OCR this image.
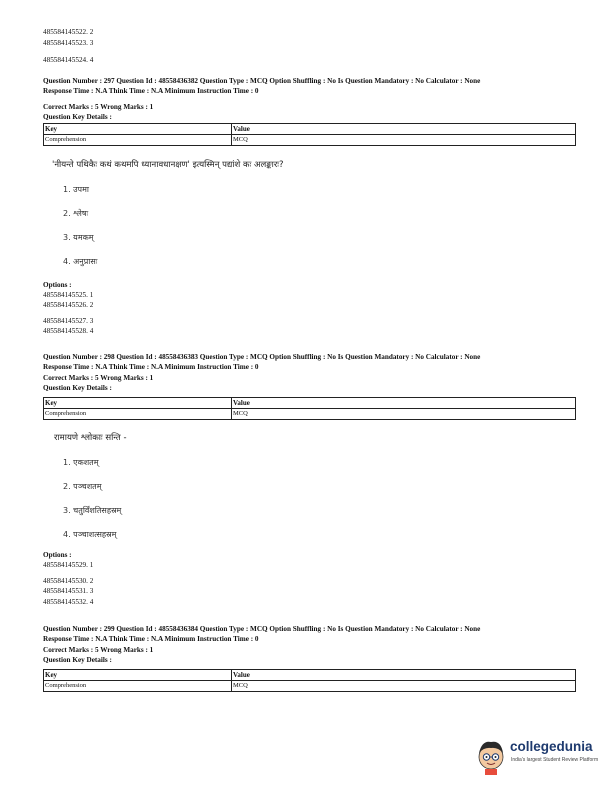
485584145522. 2
485584145523. 3
485584145524. 4
Question Number : 297 Question Id : 48558436382 Question Type : MCQ Option Shuffling : No Is Question Mandatory : No Calculator : None
Response Time : N.A Think Time : N.A Minimum Instruction Time : 0
Correct Marks : 5 Wrong Marks : 1
Question Key Details :
Key	Value
Comprehension	MCQ
'नीयन्ते पथिकैः कथं कथमपि ध्यानावधानक्षण' इत्यस्मिन् पद्यांशे कः अलङ्कारः?
1. उपमा
2. श्लेषः
3. यमकम्
4. अनुप्रासः
Options :
485584145525. 1
485584145526. 2
485584145527. 3
485584145528. 4
Question Number : 298 Question Id : 48558436383 Question Type : MCQ Option Shuffling : No Is Question Mandatory : No Calculator : None
Response Time : N.A Think Time : N.A Minimum Instruction Time : 0
Correct Marks : 5 Wrong Marks : 1
Question Key Details :
Key	Value
Comprehension	MCQ
रामायणे श्लोकाः सन्ति -
1. एकशतम्
2. पञ्चशतम्
3. चतुर्विंशतिसहस्रम्
4. पञ्चाशत्सहस्रम्
Options :
485584145529. 1
485584145530. 2
485584145531. 3
485584145532. 4
Question Number : 299 Question Id : 48558436384 Question Type : MCQ Option Shuffling : No Is Question Mandatory : No Calculator : None
Response Time : N.A Think Time : N.A Minimum Instruction Time : 0
Correct Marks : 5 Wrong Marks : 1
Question Key Details :
Key	Value
Comprehension	MCQ
collegedunia
India's largest Student Review Platform
